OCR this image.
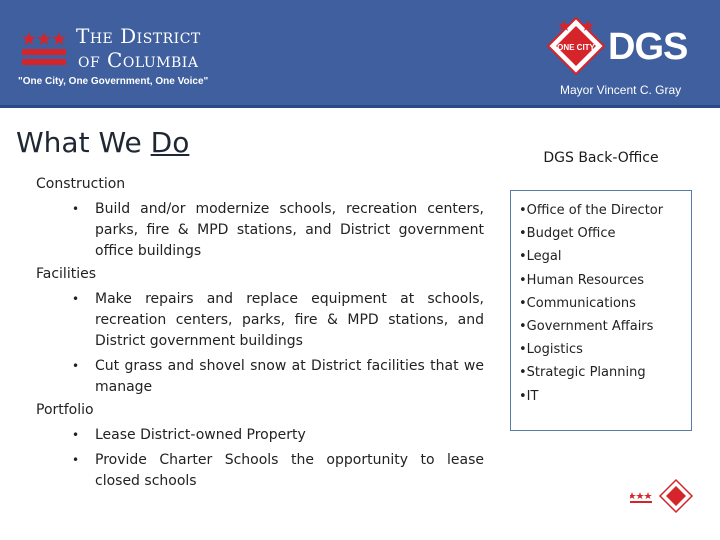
The District
of Columbia
"One City, One Government, One Voice"
ONE CITY DGS
Mayor Vincent C. Gray
What We Do
Construction
• Build and/or modernize schools, recreation centers, parks, fire & MPD stations, and District government office buildings
Facilities
• Make repairs and replace equipment at schools, recreation centers, parks, fire & MPD stations, and District government buildings
• Cut grass and shovel snow at District facilities that we manage
Portfolio
• Lease District-owned Property
• Provide Charter Schools the opportunity to lease closed schools
DGS Back-Office
•Office of the Director
•Budget Office
•Legal
•Human Resources
•Communications
•Government Affairs
•Logistics
•Strategic Planning
•IT
